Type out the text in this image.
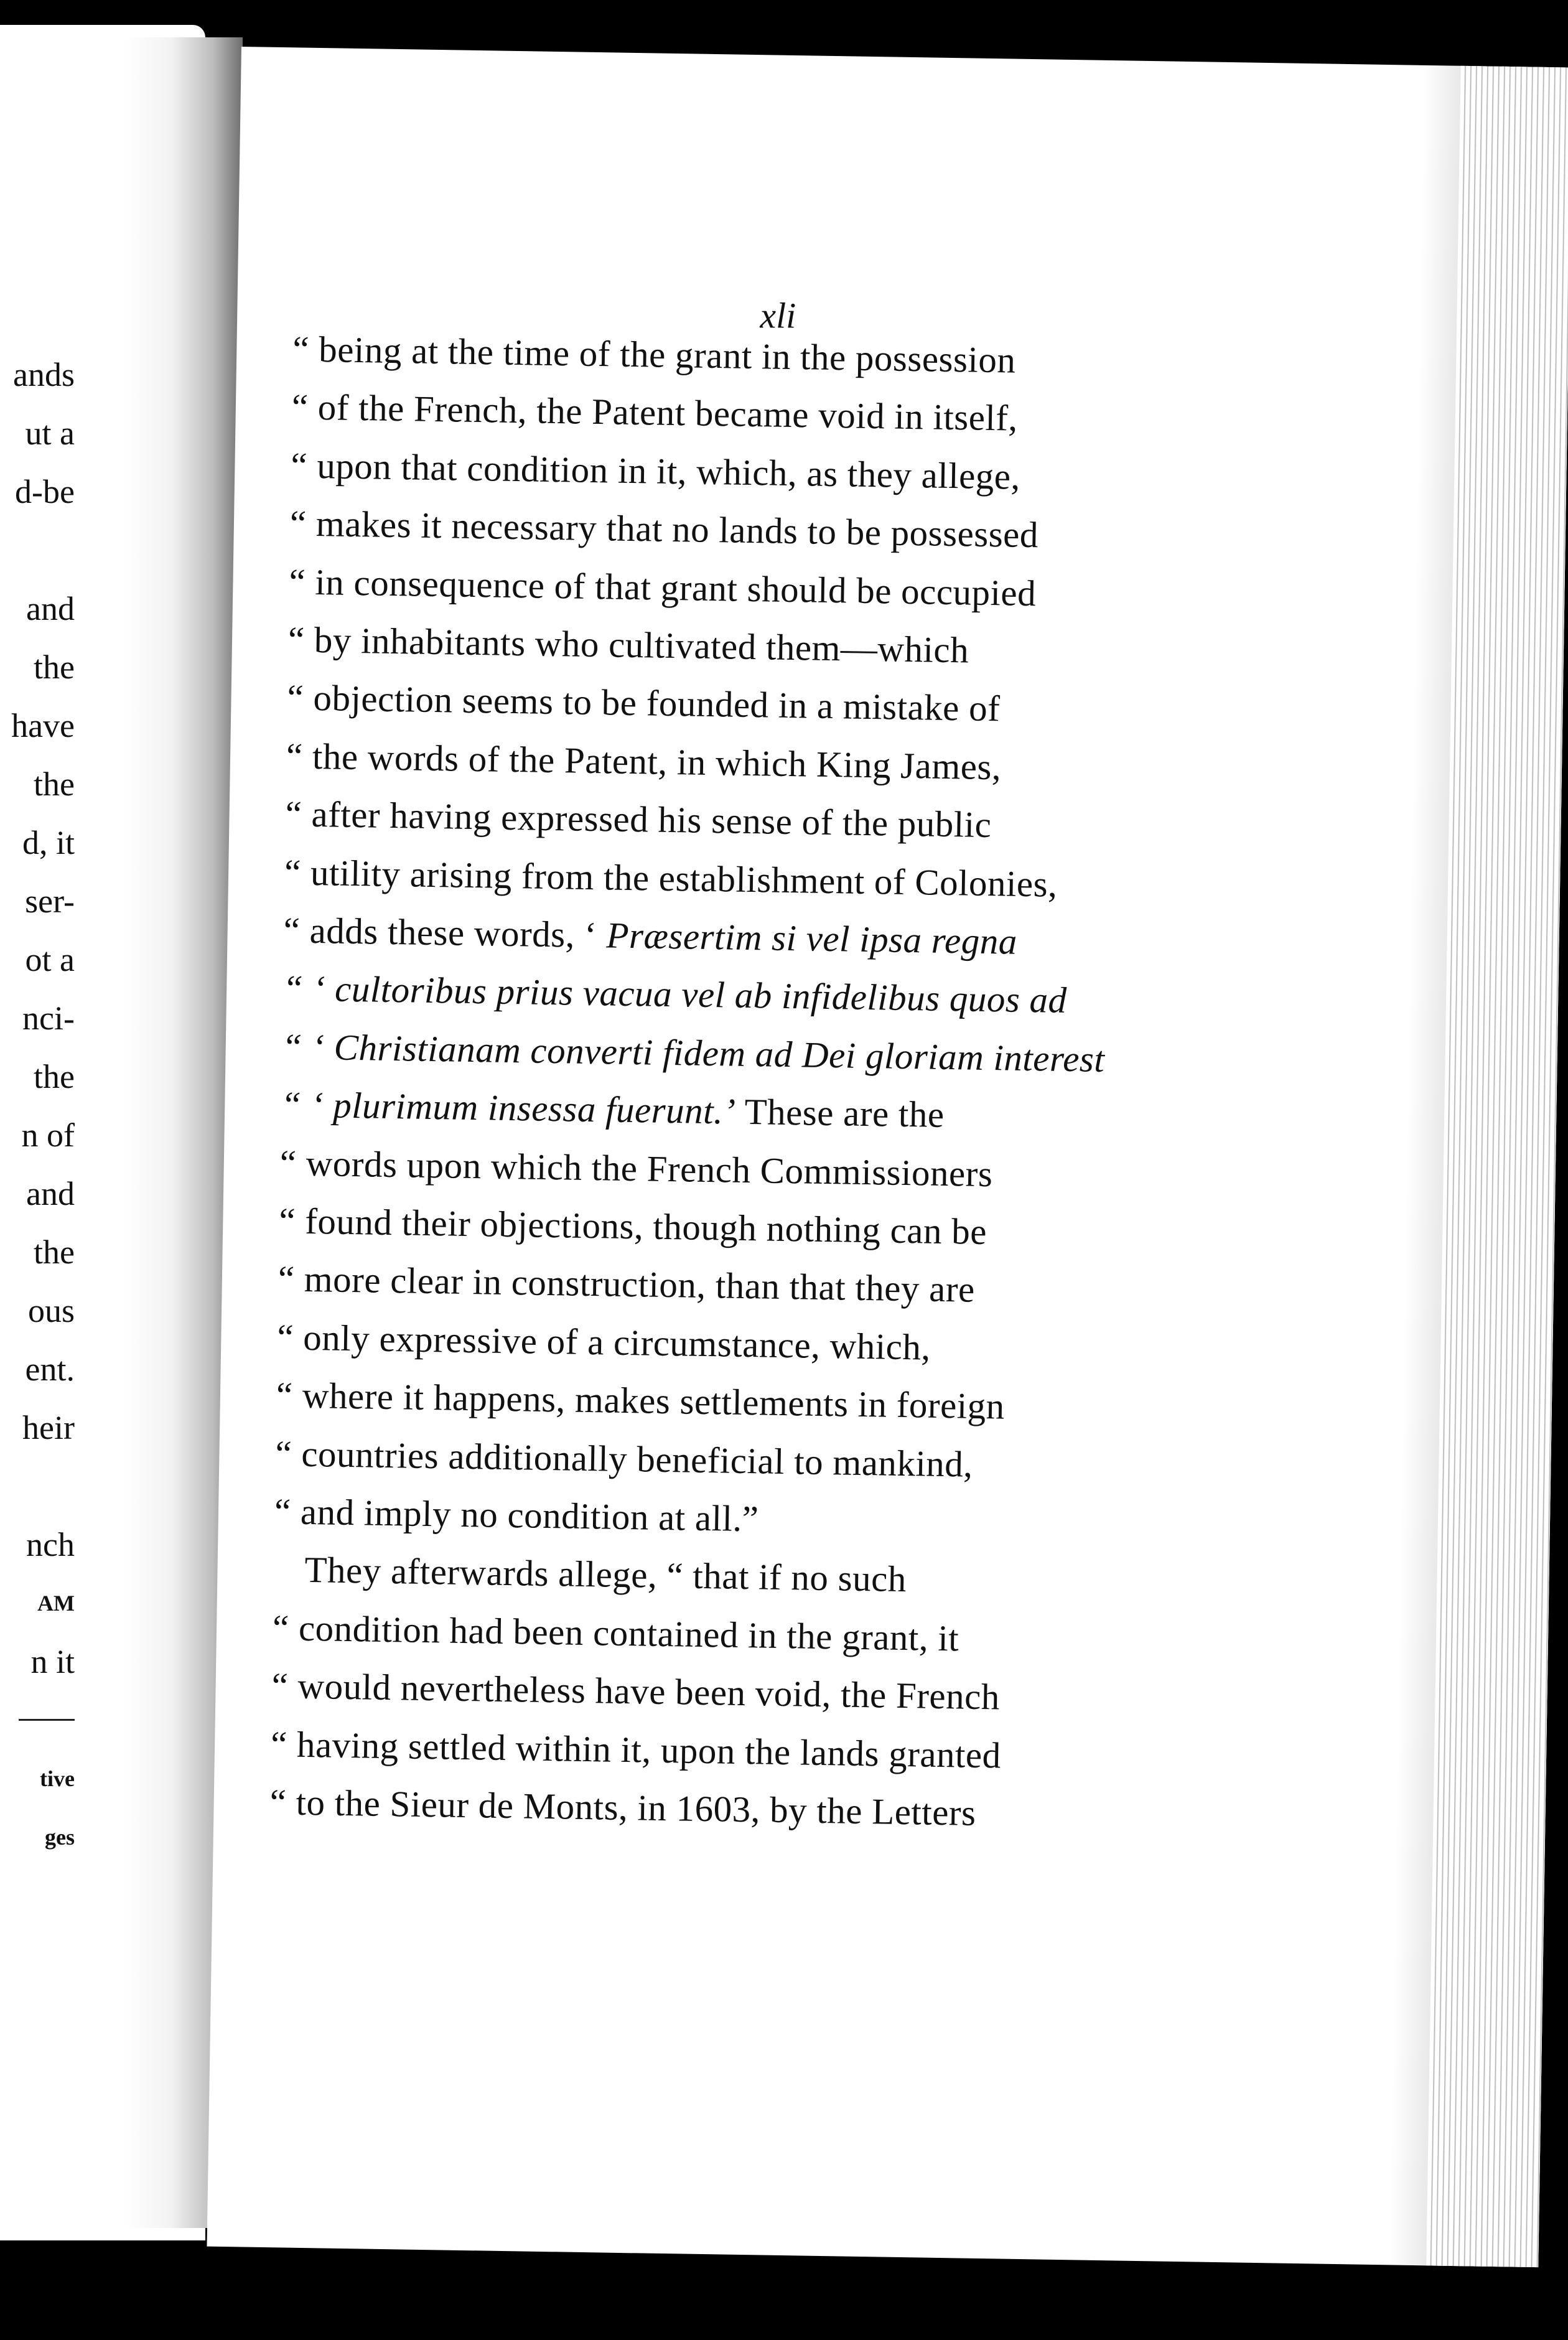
ands
ut a
d-be
and
the
have
the
d, it
ser-
ot a
nci-
the
n of
and
the
ous
ent.
heir
nch
AM
n it
tive
ges
xli
“ being at the time of the grant in the possession
“ of the French, the Patent became void in itself,
“ upon that condition in it, which, as they allege,
“ makes it necessary that no lands to be possessed
“ in consequence of that grant should be occupied
“ by inhabitants who cultivated them—which
“ objection seems to be founded in a mistake of
“ the words of the Patent, in which King James,
“ after having expressed his sense of the public
“ utility arising from the establishment of Colonies,
“ adds these words, ‘ Præsertim si vel ipsa regna
“ ‘ cultoribus prius vacua vel ab infidelibus quos ad
“ ‘ Christianam converti fidem ad Dei gloriam interest
“ ‘ plurimum insessa fuerunt.’ These are the
“ words upon which the French Commissioners
“ found their objections, though nothing can be
“ more clear in construction, than that they are
“ only expressive of a circumstance, which,
“ where it happens, makes settlements in foreign
“ countries additionally beneficial to mankind,
“ and imply no condition at all.”
They afterwards allege, “ that if no such
“ condition had been contained in the grant, it
“ would nevertheless have been void, the French
“ having settled within it, upon the lands granted
“ to the Sieur de Monts, in 1603, by the Letters
